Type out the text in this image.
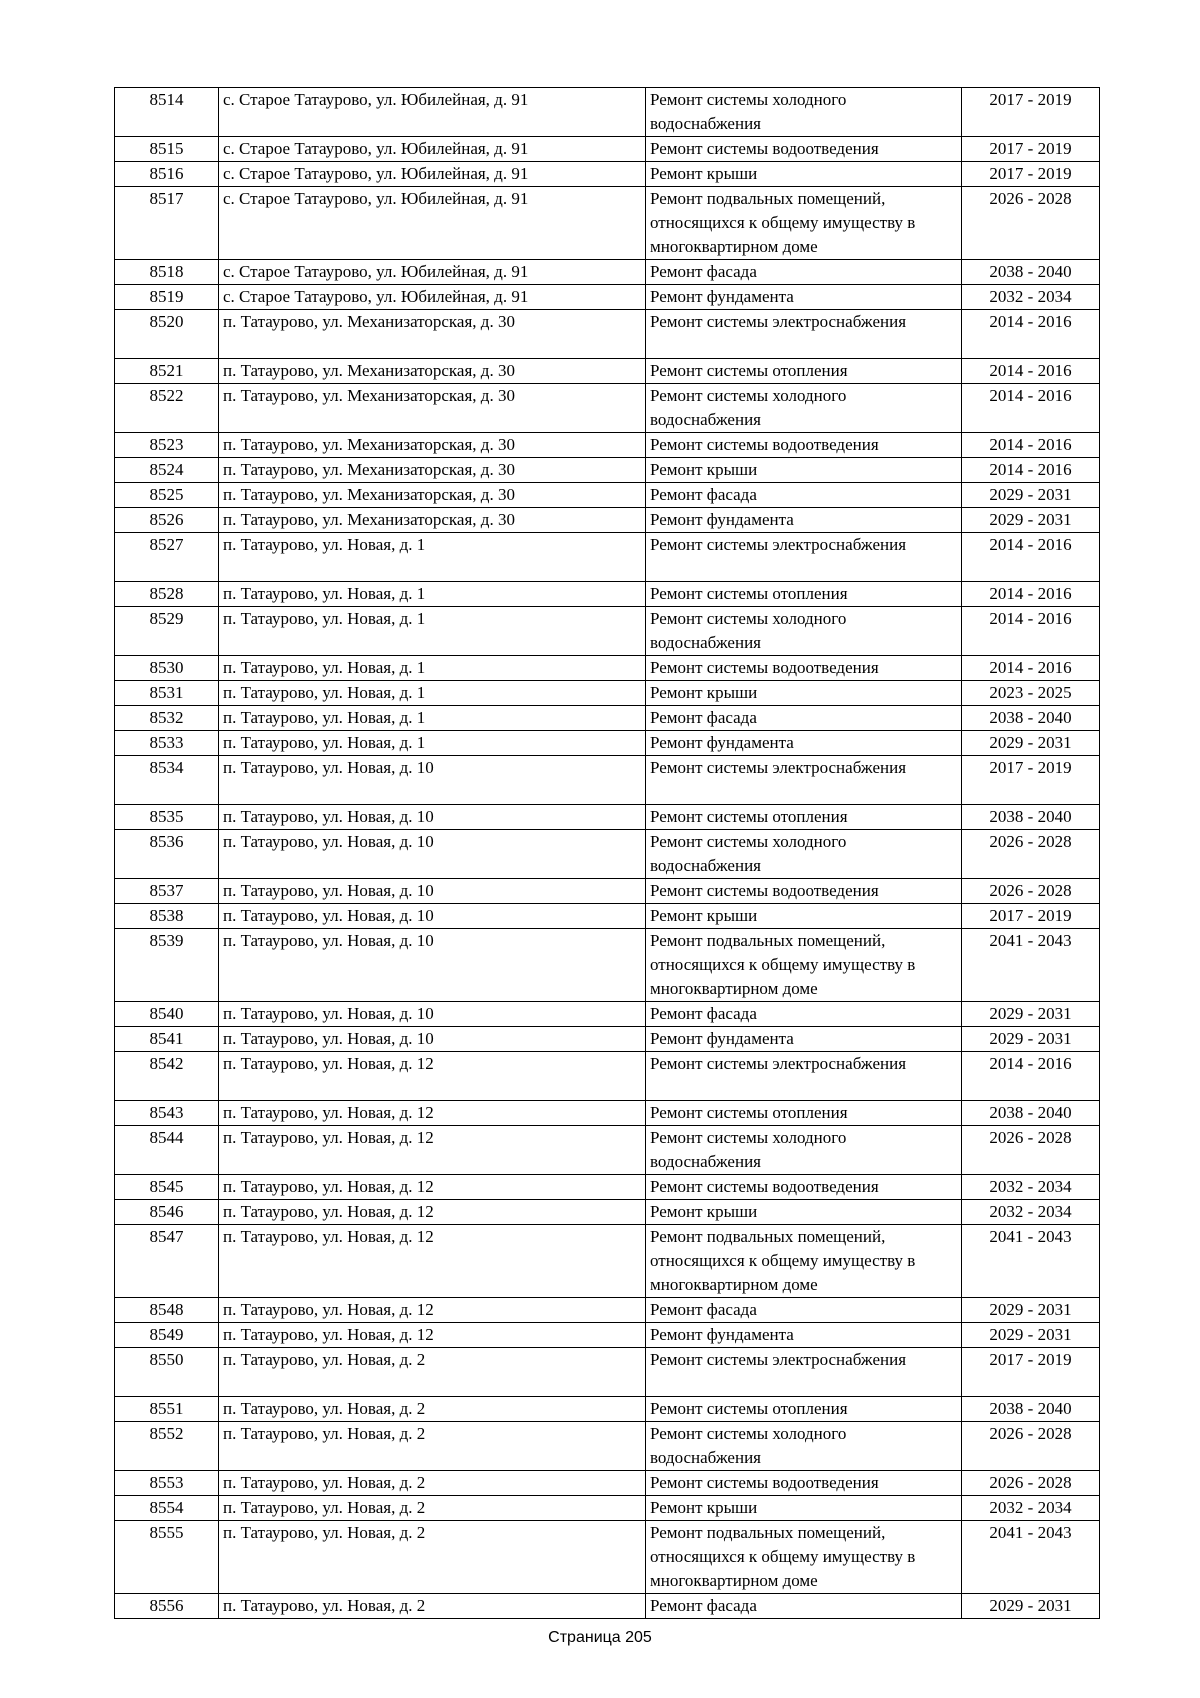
8514	с. Старое Татаурово, ул. Юбилейная, д. 91	Ремонт системы холодного водоснабжения	2017 - 2019
8515	с. Старое Татаурово, ул. Юбилейная, д. 91	Ремонт системы водоотведения	2017 - 2019
8516	с. Старое Татаурово, ул. Юбилейная, д. 91	Ремонт крыши	2017 - 2019
8517	с. Старое Татаурово, ул. Юбилейная, д. 91	Ремонт подвальных помещений, относящихся к общему имуществу в многоквартирном доме	2026 - 2028
8518	с. Старое Татаурово, ул. Юбилейная, д. 91	Ремонт фасада	2038 - 2040
8519	с. Старое Татаурово, ул. Юбилейная, д. 91	Ремонт фундамента	2032 - 2034
8520	п. Татаурово, ул. Механизаторская, д. 30	Ремонт системы электроснабжения	2014 - 2016
8521	п. Татаурово, ул. Механизаторская, д. 30	Ремонт системы отопления	2014 - 2016
8522	п. Татаурово, ул. Механизаторская, д. 30	Ремонт системы холодного водоснабжения	2014 - 2016
8523	п. Татаурово, ул. Механизаторская, д. 30	Ремонт системы водоотведения	2014 - 2016
8524	п. Татаурово, ул. Механизаторская, д. 30	Ремонт крыши	2014 - 2016
8525	п. Татаурово, ул. Механизаторская, д. 30	Ремонт фасада	2029 - 2031
8526	п. Татаурово, ул. Механизаторская, д. 30	Ремонт фундамента	2029 - 2031
8527	п. Татаурово, ул. Новая, д. 1	Ремонт системы электроснабжения	2014 - 2016
8528	п. Татаурово, ул. Новая, д. 1	Ремонт системы отопления	2014 - 2016
8529	п. Татаурово, ул. Новая, д. 1	Ремонт системы холодного водоснабжения	2014 - 2016
8530	п. Татаурово, ул. Новая, д. 1	Ремонт системы водоотведения	2014 - 2016
8531	п. Татаурово, ул. Новая, д. 1	Ремонт крыши	2023 - 2025
8532	п. Татаурово, ул. Новая, д. 1	Ремонт фасада	2038 - 2040
8533	п. Татаурово, ул. Новая, д. 1	Ремонт фундамента	2029 - 2031
8534	п. Татаурово, ул. Новая, д. 10	Ремонт системы электроснабжения	2017 - 2019
8535	п. Татаурово, ул. Новая, д. 10	Ремонт системы отопления	2038 - 2040
8536	п. Татаурово, ул. Новая, д. 10	Ремонт системы холодного водоснабжения	2026 - 2028
8537	п. Татаурово, ул. Новая, д. 10	Ремонт системы водоотведения	2026 - 2028
8538	п. Татаурово, ул. Новая, д. 10	Ремонт крыши	2017 - 2019
8539	п. Татаурово, ул. Новая, д. 10	Ремонт подвальных помещений, относящихся к общему имуществу в многоквартирном доме	2041 - 2043
8540	п. Татаурово, ул. Новая, д. 10	Ремонт фасада	2029 - 2031
8541	п. Татаурово, ул. Новая, д. 10	Ремонт фундамента	2029 - 2031
8542	п. Татаурово, ул. Новая, д. 12	Ремонт системы электроснабжения	2014 - 2016
8543	п. Татаурово, ул. Новая, д. 12	Ремонт системы отопления	2038 - 2040
8544	п. Татаурово, ул. Новая, д. 12	Ремонт системы холодного водоснабжения	2026 - 2028
8545	п. Татаурово, ул. Новая, д. 12	Ремонт системы водоотведения	2032 - 2034
8546	п. Татаурово, ул. Новая, д. 12	Ремонт крыши	2032 - 2034
8547	п. Татаурово, ул. Новая, д. 12	Ремонт подвальных помещений, относящихся к общему имуществу в многоквартирном доме	2041 - 2043
8548	п. Татаурово, ул. Новая, д. 12	Ремонт фасада	2029 - 2031
8549	п. Татаурово, ул. Новая, д. 12	Ремонт фундамента	2029 - 2031
8550	п. Татаурово, ул. Новая, д. 2	Ремонт системы электроснабжения	2017 - 2019
8551	п. Татаурово, ул. Новая, д. 2	Ремонт системы отопления	2038 - 2040
8552	п. Татаурово, ул. Новая, д. 2	Ремонт системы холодного водоснабжения	2026 - 2028
8553	п. Татаурово, ул. Новая, д. 2	Ремонт системы водоотведения	2026 - 2028
8554	п. Татаурово, ул. Новая, д. 2	Ремонт крыши	2032 - 2034
8555	п. Татаурово, ул. Новая, д. 2	Ремонт подвальных помещений, относящихся к общему имуществу в многоквартирном доме	2041 - 2043
8556	п. Татаурово, ул. Новая, д. 2	Ремонт фасада	2029 - 2031
Страница 205
